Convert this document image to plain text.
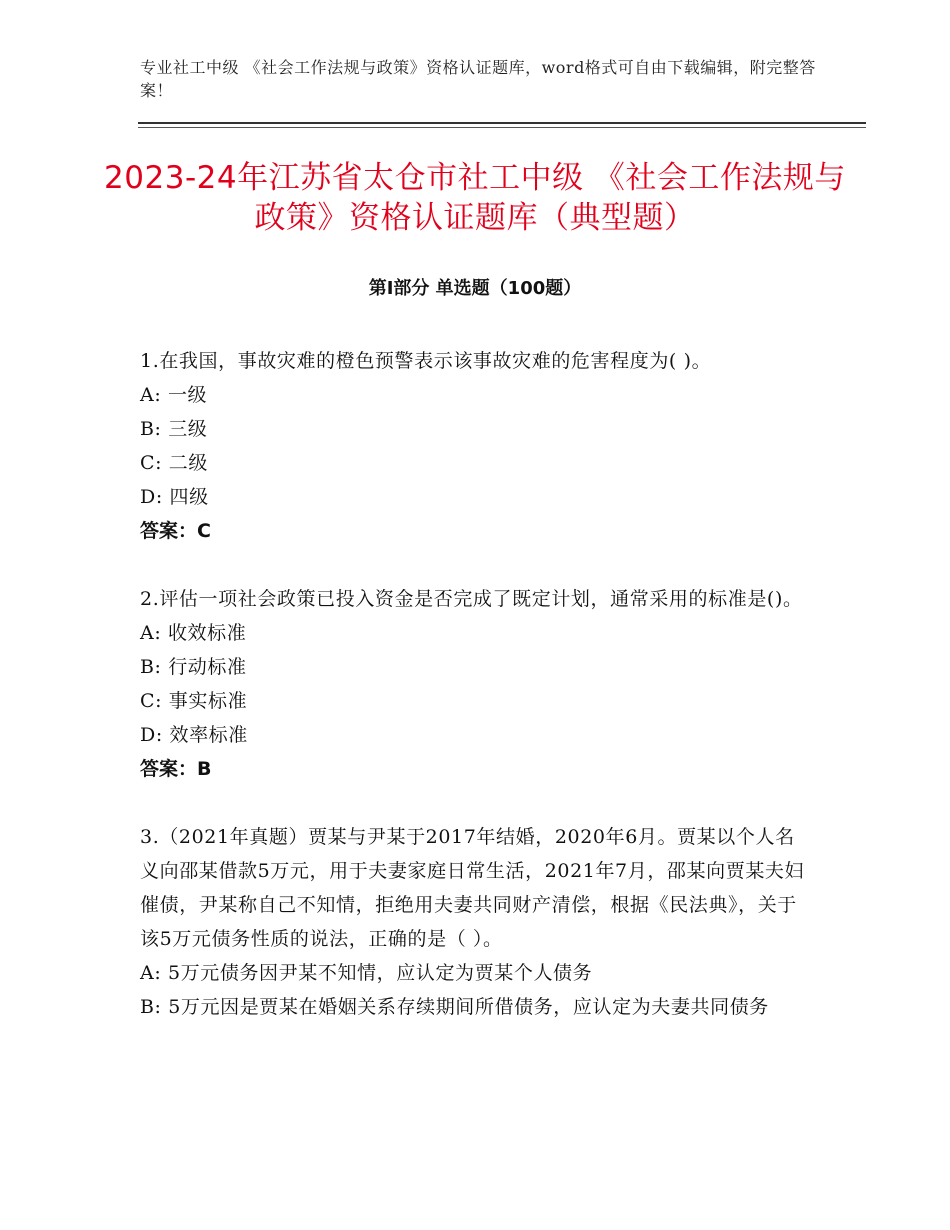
专业社工中级 《社会工作法规与政策》资格认证题库，word格式可自由下载编辑，附完整答案！
2023-24年江苏省太仓市社工中级 《社会工作法规与政策》资格认证题库（典型题）
第Ⅰ部分 单选题（100题）
1.在我国，事故灾难的橙色预警表示该事故灾难的危害程度为( )。
A: 一级
B: 三级
C: 二级
D: 四级
答案：C
2.评估一项社会政策已投入资金是否完成了既定计划，通常采用的标准是()。
A: 收效标准
B: 行动标准
C: 事实标准
D: 效率标准
答案：B
3.（2021年真题）贾某与尹某于2017年结婚，2020年6月。贾某以个人名义向邵某借款5万元，用于夫妻家庭日常生活，2021年7月，邵某向贾某夫妇催债，尹某称自己不知情，拒绝用夫妻共同财产清偿，根据《民法典》，关于该5万元债务性质的说法，正确的是（ ）。
A: 5万元债务因尹某不知情，应认定为贾某个人债务
B: 5万元因是贾某在婚姻关系存续期间所借债务，应认定为夫妻共同债务
